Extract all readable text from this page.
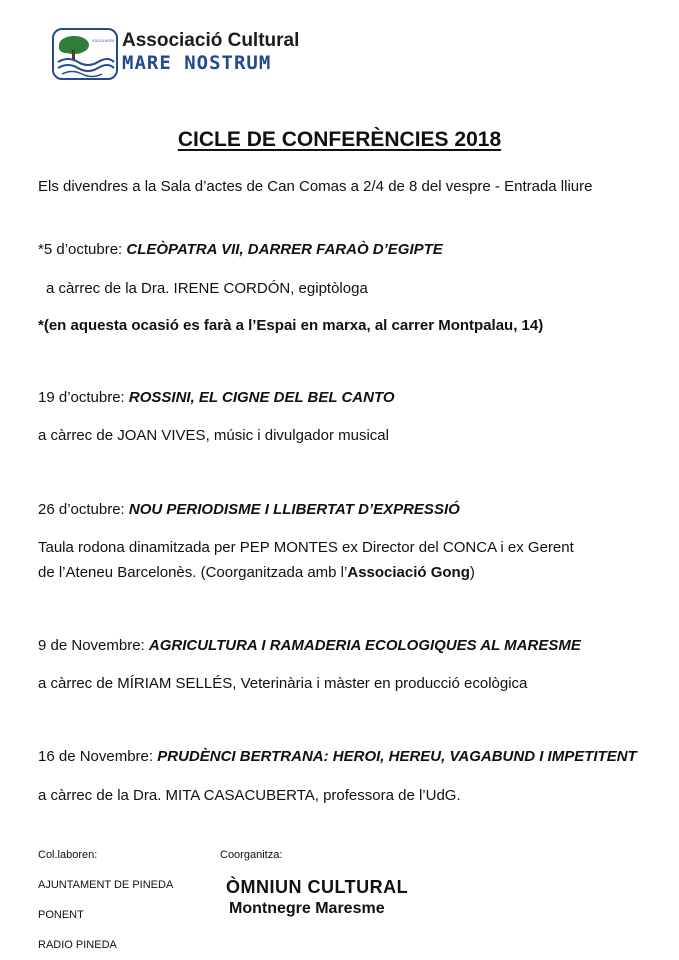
ASSOCIACIÓ CULTURAL MARE NOSTRUM Associació Cultural
MARE NOSTRUM
CICLE DE CONFERÈNCIES 2018
Els divendres a la Sala d’actes de Can Comas a 2/4 de 8 del vespre - Entrada lliure
*5 d’octubre: CLEÒPATRA VII, DARRER FARAÒ D’EGIPTE
a càrrec de la Dra. IRENE CORDÓN, egiptòloga
*(en aquesta ocasió es farà a l’Espai en marxa, al carrer Montpalau, 14)
19 d’octubre: ROSSINI, EL CIGNE DEL BEL CANTO
a càrrec de JOAN VIVES, músic i divulgador musical
26 d’octubre: NOU PERIODISME I LLIBERTAT D’EXPRESSIÓ
Taula rodona dinamitzada per PEP MONTES ex Director del CONCA i ex Gerent
de l’Ateneu Barcelonès. (Coorganitzada amb l’Associació Gong)
9 de Novembre: AGRICULTURA I RAMADERIA ECOLOGIQUES AL MARESME
a càrrec de MÍRIAM SELLÉS, Veterinària i màster en producció ecològica
16 de Novembre: PRUDÈNCI BERTRANA: HEROI, HEREU, VAGABUND I IMPETITENT
a càrrec de la Dra. MITA CASACUBERTA, professora de l’UdG.
Col.laboren:
AJUNTAMENT DE PINEDA
PONENT
RADIO PINEDA
Coorganitza:
ÒMNIUN CULTURAL
Montnegre Maresme
